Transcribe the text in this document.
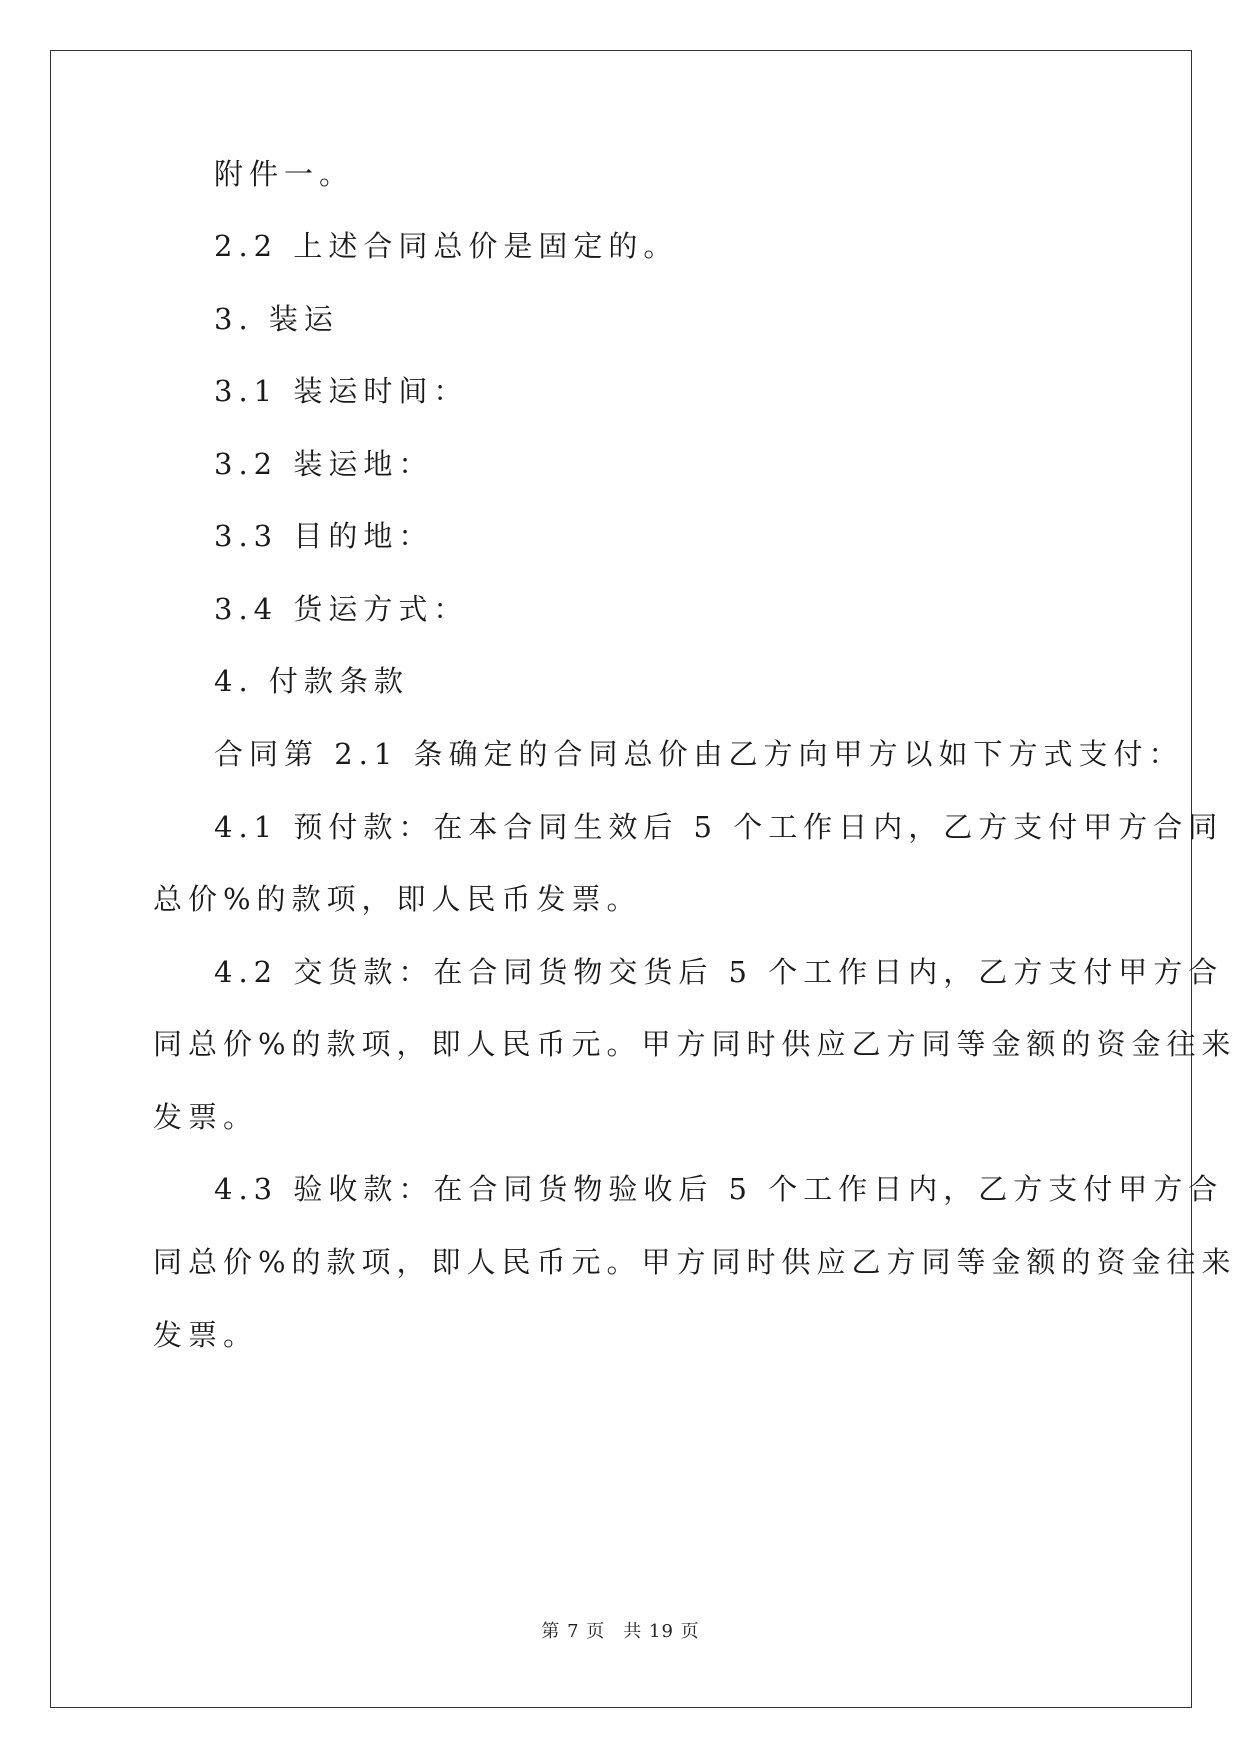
附件一。
2.2 上述合同总价是固定的。
3. 装运
3.1 装运时间：
3.2 装运地：
3.3 目的地：
3.4 货运方式：
4. 付款条款
合同第 2.1 条确定的合同总价由乙方向甲方以如下方式支付：
4.1 预付款：在本合同生效后 5 个工作日内，乙方支付甲方合同
总价%的款项，即人民币发票。
4.2 交货款：在合同货物交货后 5 个工作日内，乙方支付甲方合
同总价%的款项，即人民币元。甲方同时供应乙方同等金额的资金往来
发票。
4.3 验收款：在合同货物验收后 5 个工作日内，乙方支付甲方合
同总价%的款项，即人民币元。甲方同时供应乙方同等金额的资金往来
发票。
第 7 页 共 19 页
